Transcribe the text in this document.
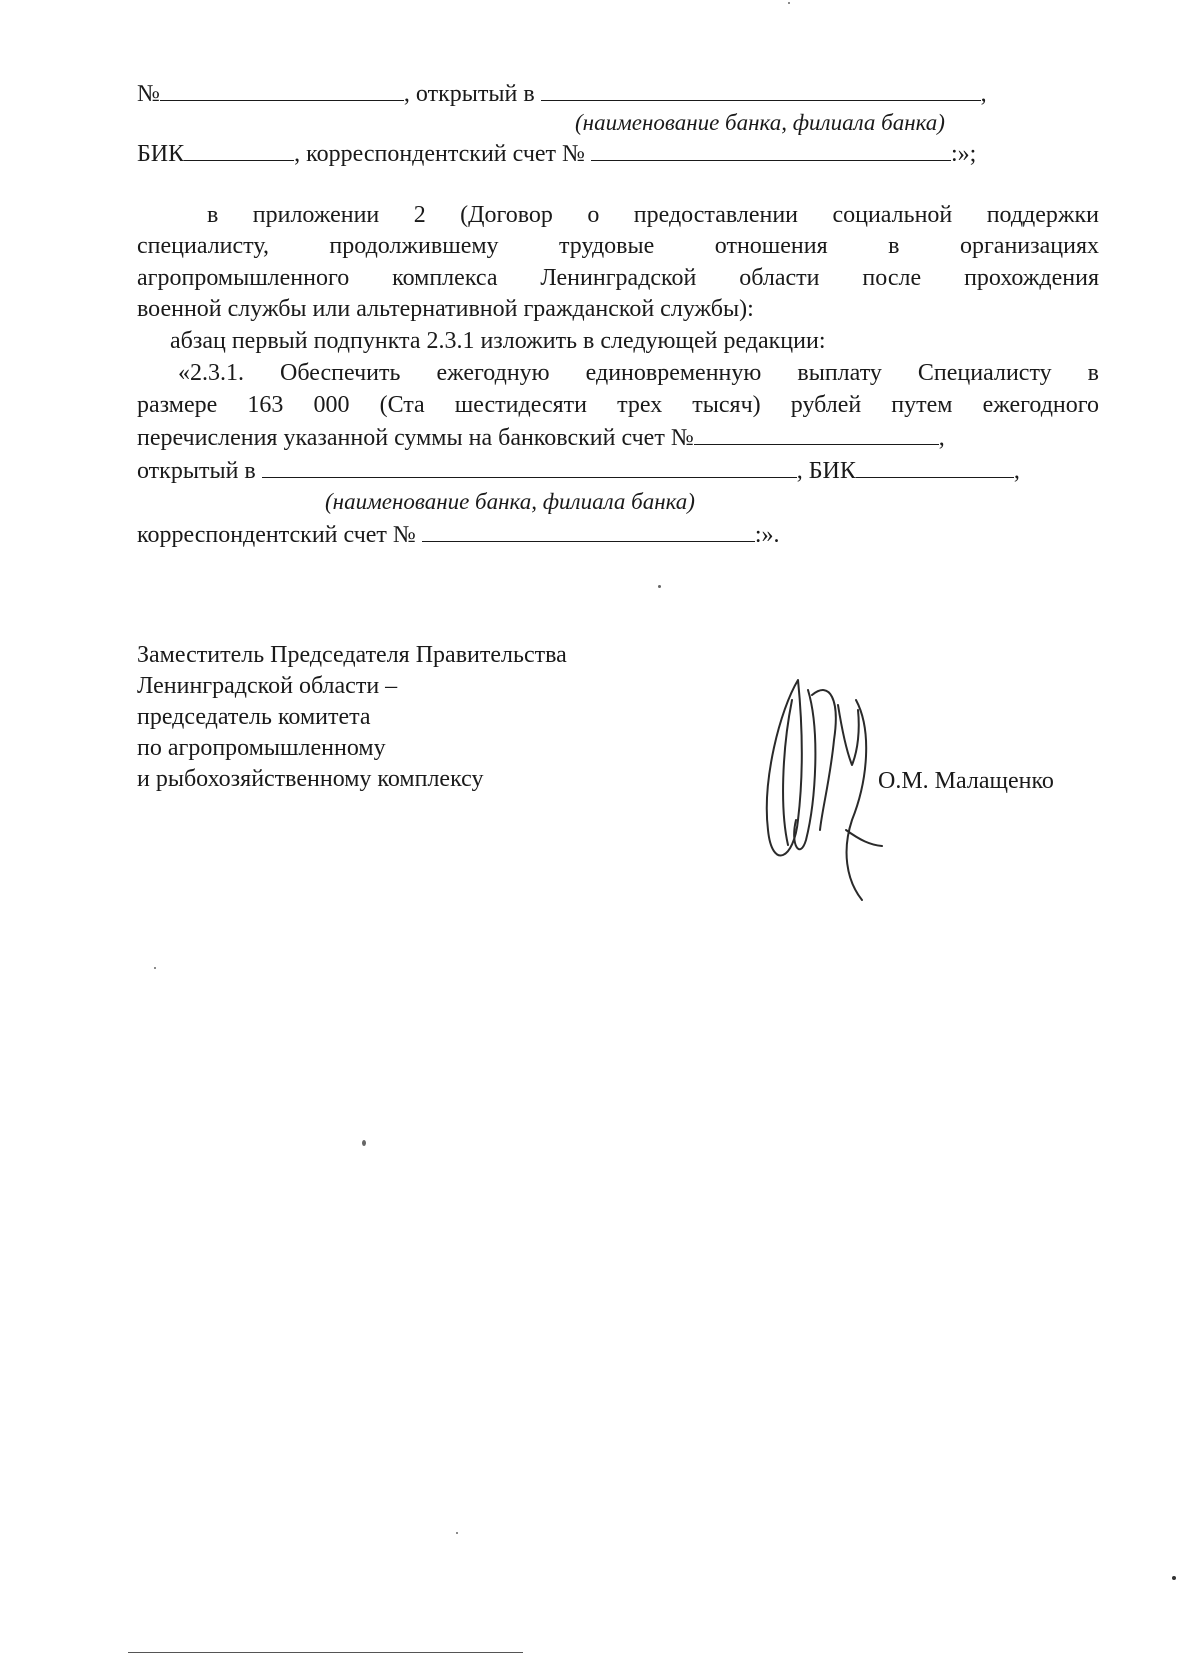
№	, открытый в	,
(наименование банка, филиала банка)
БИК	, корреспондентский счет №	:»;
в приложении 2 (Договор о предоставлении социальной поддержки
специалисту, продолжившему трудовые отношения в организациях
агропромышленного комплекса Ленинградской области после прохождения
военной службы или альтернативной гражданской службы):
абзац первый подпункта 2.3.1 изложить в следующей редакции:
«2.3.1. Обеспечить ежегодную единовременную выплату Специалисту в
размере 163 000 (Ста шестидесяти трех тысяч) рублей путем ежегодного
перечисления указанной суммы на банковский счет №	,
открытый в	, БИК	,
(наименование банка, филиала банка)
корреспондентский счет №	:».
Заместитель Председателя Правительства
Ленинградской области –
председатель комитета
по агропромышленному
и рыбохозяйственному комплексу	О.М. Малащенко
